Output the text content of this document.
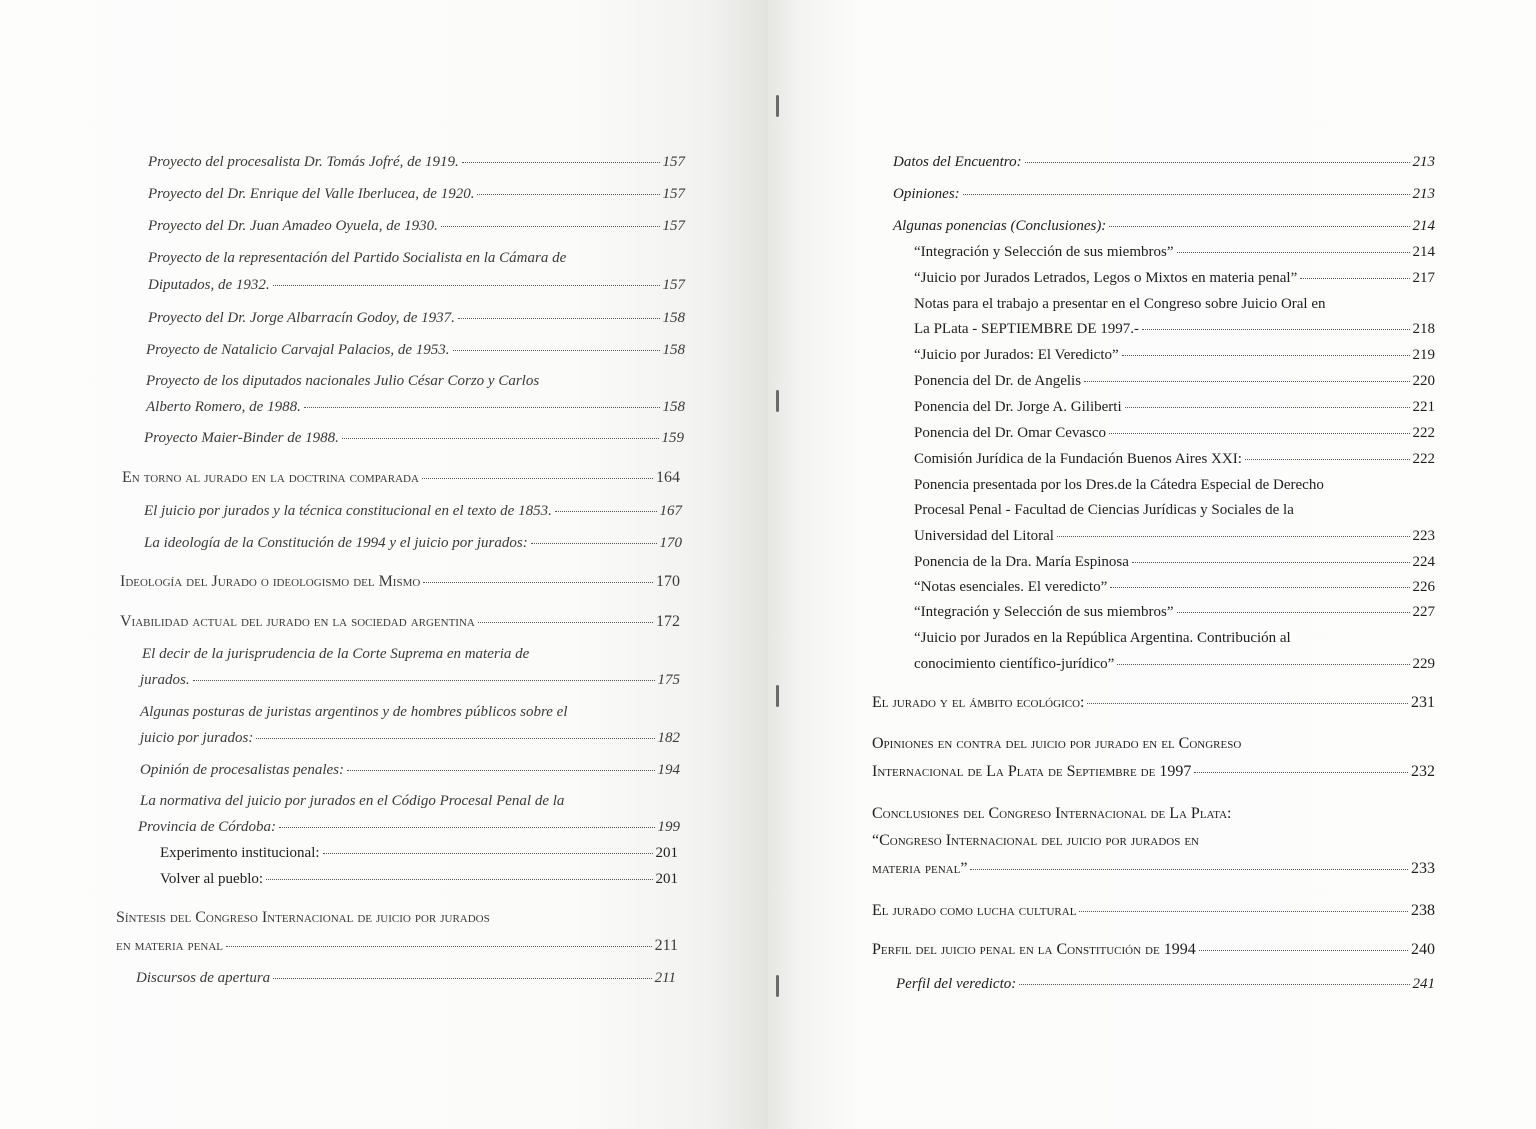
Proyecto del procesalista Dr. Tomás Jofré, de 1919.	157
Proyecto del Dr. Enrique del Valle Iberlucea, de 1920.	157
Proyecto del Dr. Juan Amadeo Oyuela, de 1930.	157
Proyecto de la representación del Partido Socialista en la Cámara de
Diputados, de 1932.	157
Proyecto del Dr. Jorge Albarracín Godoy, de 1937.	158
Proyecto de Natalicio Carvajal Palacios, de 1953.	158
Proyecto de los diputados nacionales Julio César Corzo y Carlos
Alberto Romero, de 1988.	158
Proyecto Maier-Binder de 1988.	159
En torno al jurado en la doctrina comparada	164
El juicio por jurados y la técnica constitucional en el texto de 1853.	167
La ideología de la Constitución de 1994 y el juicio por jurados:	170
Ideología del Jurado o ideologismo del Mismo	170
Viabilidad actual del jurado en la sociedad argentina	172
El decir de la jurisprudencia de la Corte Suprema en materia de
jurados.	175
Algunas posturas de juristas argentinos y de hombres públicos sobre el
juicio por jurados:	182
Opinión de procesalistas penales:	194
La normativa del juicio por jurados en el Código Procesal Penal de la
Provincia de Córdoba:	199
Experimento institucional:	201
Volver al pueblo:	201
Síntesis del Congreso Internacional de juicio por jurados
en materia penal	211
Discursos de apertura	211
Datos del Encuentro:	213
Opiniones:	213
Algunas ponencias (Conclusiones):	214
“Integración y Selección de sus miembros”	214
“Juicio por Jurados Letrados, Legos o Mixtos en materia penal”	217
Notas para el trabajo a presentar en el Congreso sobre Juicio Oral en
La PLata - SEPTIEMBRE DE 1997.-	218
“Juicio por Jurados: El Veredicto”	219
Ponencia del Dr. de Angelis	220
Ponencia del Dr. Jorge A. Giliberti	221
Ponencia del Dr. Omar Cevasco	222
Comisión Jurídica de la Fundación Buenos Aires XXI:	222
Ponencia presentada por los Dres.de la Cátedra Especial de Derecho
Procesal Penal - Facultad de Ciencias Jurídicas y Sociales de la
Universidad del Litoral	223
Ponencia de la Dra. María Espinosa	224
“Notas esenciales. El veredicto”	226
“Integración y Selección de sus miembros”	227
“Juicio por Jurados en la República Argentina. Contribución al
conocimiento científico-jurídico”	229
El jurado y el ámbito ecológico:	231
Opiniones en contra del juicio por jurado en el Congreso
Internacional de La Plata de Septiembre de 1997	232
Conclusiones del Congreso Internacional de La Plata:
“Congreso Internacional del juicio por jurados en
materia penal”	233
El jurado como lucha cultural	238
Perfil del juicio penal en la Constitución de 1994	240
Perfil del veredicto:	241
